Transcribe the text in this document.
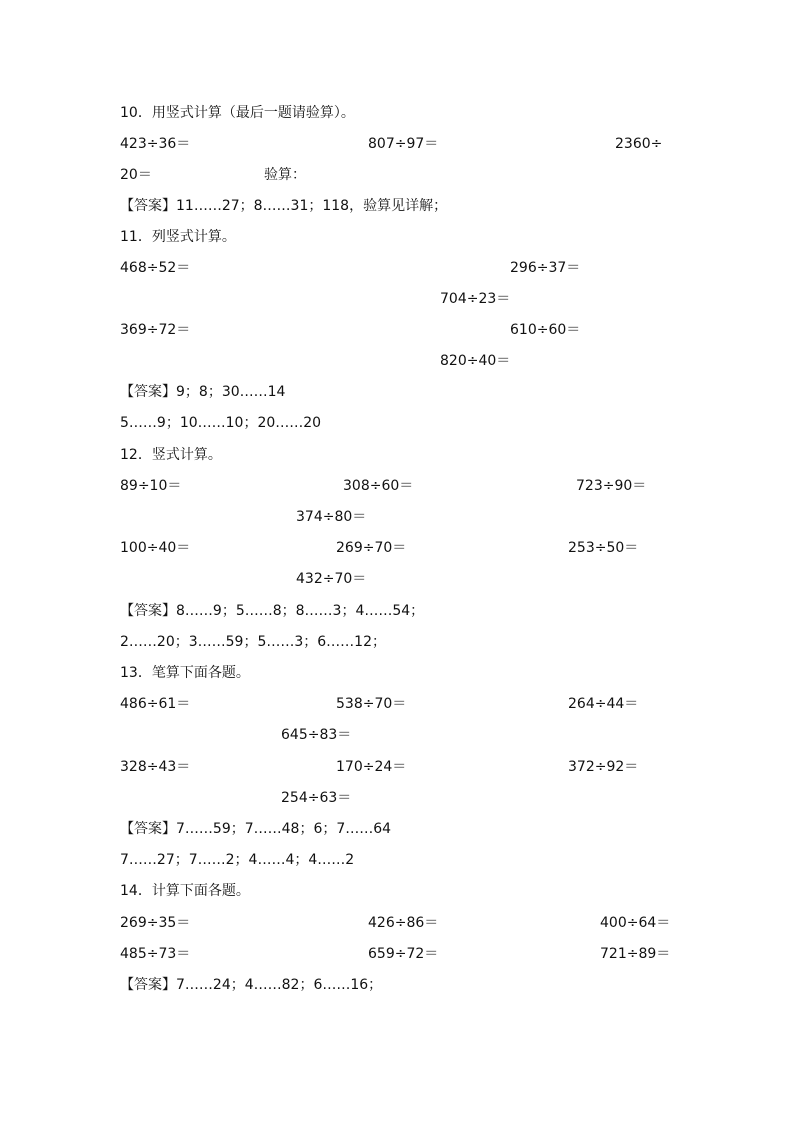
10．用竖式计算（最后一题请验算）。
423÷36＝	807÷97＝	2360÷
20＝	验算：
【答案】11……27；8……31；118，验算见详解；
11．列竖式计算。
468÷52＝	296÷37＝
704÷23＝
369÷72＝	610÷60＝
820÷40＝
【答案】9；8；30……14
5……9；10……10；20……20
12．竖式计算。
89÷10＝	308÷60＝	723÷90＝
374÷80＝
100÷40＝	269÷70＝	253÷50＝
432÷70＝
【答案】8……9；5……8；8……3；4……54；
2……20；3……59；5……3；6……12；
13．笔算下面各题。
486÷61＝	538÷70＝	264÷44＝
645÷83＝
328÷43＝	170÷24＝	372÷92＝
254÷63＝
【答案】7……59；7……48；6；7……64
7……27；7……2；4……4；4……2
14．计算下面各题。
269÷35＝	426÷86＝	400÷64＝
485÷73＝	659÷72＝	721÷89＝
【答案】7……24；4……82；6……16；
